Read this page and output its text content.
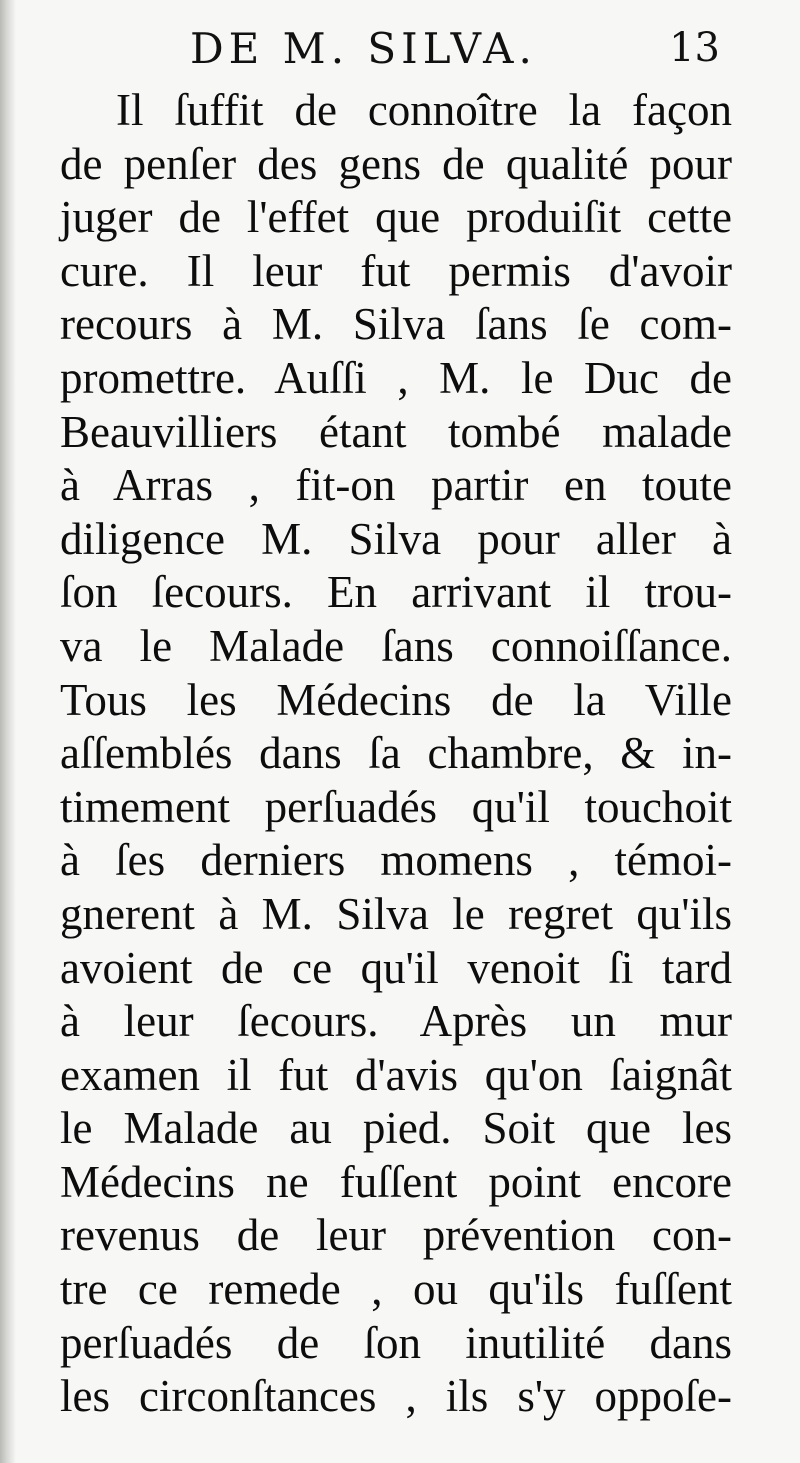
DE M. SILVA.	13
Il ſuffit de connoître la façon
de penſer des gens de qualité pour
juger de l'effet que produiſit cette
cure. Il leur fut permis d'avoir
recours à M. Silva ſans ſe com-
promettre. Auſſi , M. le Duc de
Beauvilliers étant tombé malade
à Arras , fit-on partir en toute
diligence M. Silva pour aller à
ſon ſecours. En arrivant il trou-
va le Malade ſans connoiſſance.
Tous les Médecins de la Ville
aſſemblés dans ſa chambre, & in-
timement perſuadés qu'il touchoit
à ſes derniers momens , témoi-
gnerent à M. Silva le regret qu'ils
avoient de ce qu'il venoit ſi tard
à leur ſecours. Après un mur
examen il fut d'avis qu'on ſaignât
le Malade au pied. Soit que les
Médecins ne fuſſent point encore
revenus de leur prévention con-
tre ce remede , ou qu'ils fuſſent
perſuadés de ſon inutilité dans
les circonſtances , ils s'y oppoſe-
